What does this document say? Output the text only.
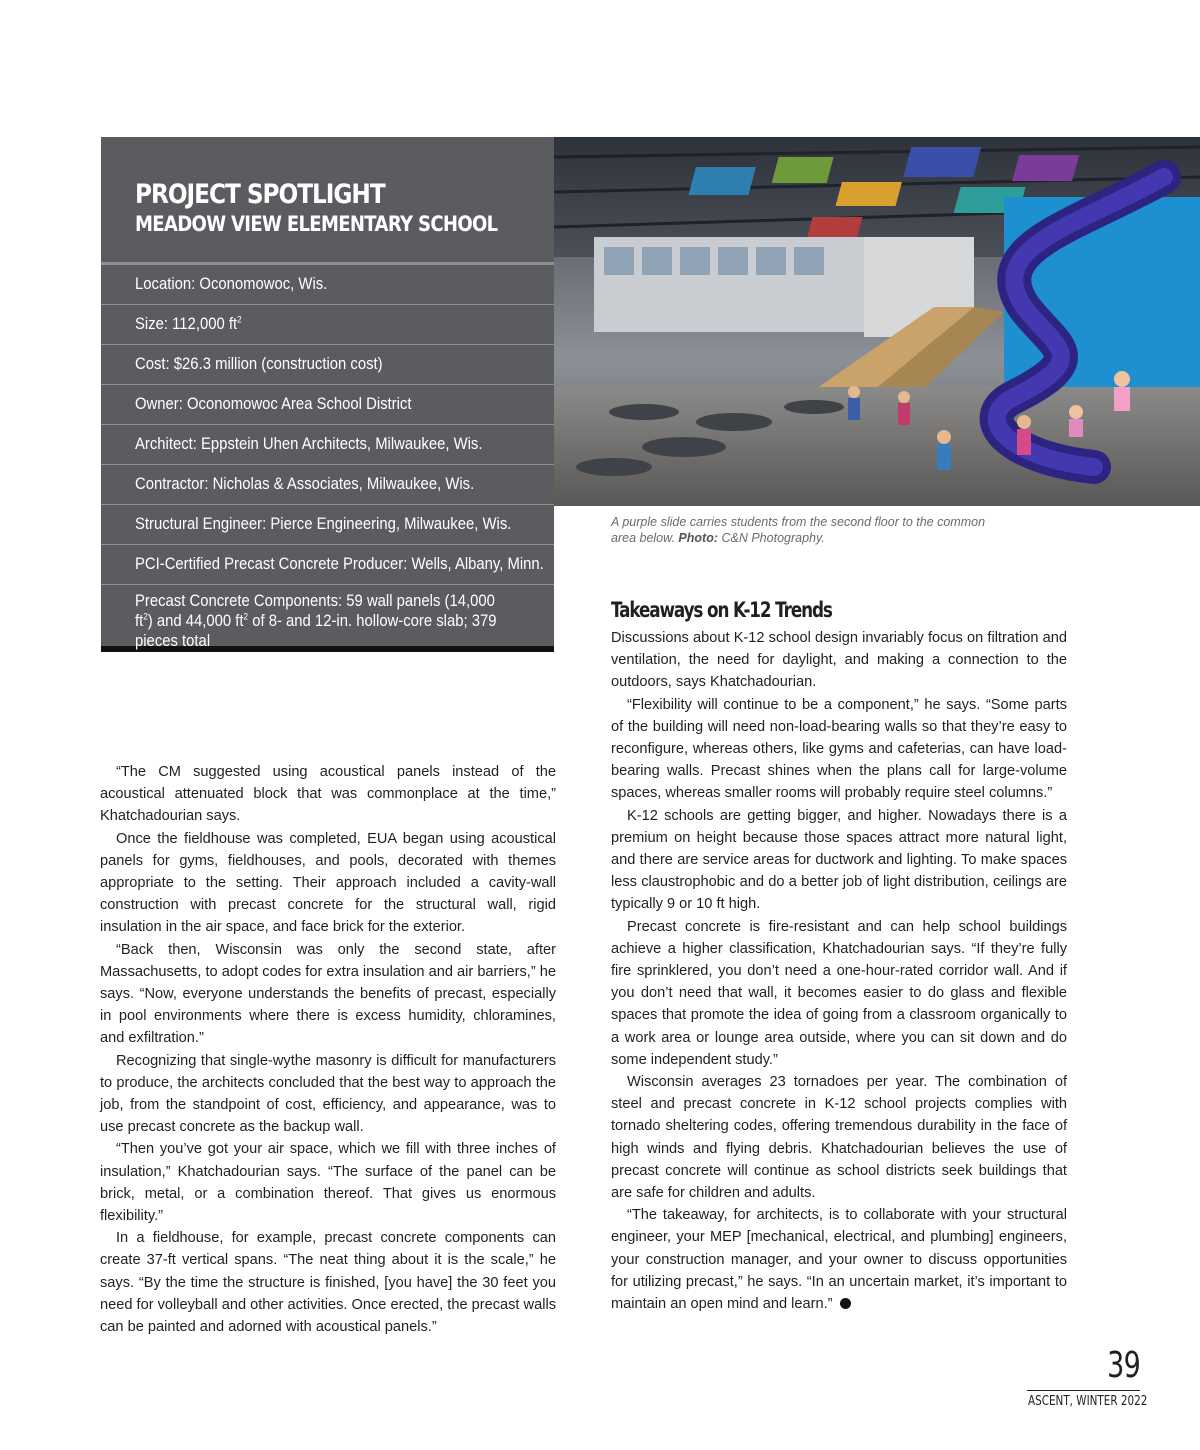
PROJECT SPOTLIGHT
MEADOW VIEW ELEMENTARY SCHOOL
Location: Oconomowoc, Wis.
Size: 112,000 $ft^2$
Cost: $26.3 million (construction cost)
Owner: Oconomowoc Area School District
Architect: Eppstein Uhen Architects, Milwaukee, Wis.
Contractor: Nicholas & Associates, Milwaukee, Wis.
Structural Engineer: Pierce Engineering, Milwaukee, Wis.
PCI-Certified Precast Concrete Producer: Wells, Albany, Minn.
Precast Concrete Components: 59 wall panels (14,000 $ft^2$) and 44,000 $ft^2$ of 8- and 12-in. hollow-core slab; 379 pieces total
A purple slide carries students from the second floor to the common area below. Photo: C&N Photography.

“The CM suggested using acoustical panels instead of the acoustical attenuated block that was commonplace at the time,” Khatchadourian says.

Once the fieldhouse was completed, EUA began using acoustical panels for gyms, fieldhouses, and pools, decorated with themes appropriate to the setting. Their approach included a cavity-wall construction with precast concrete for the structural wall, rigid insulation in the air space, and face brick for the exterior.

“Back then, Wisconsin was only the second state, after Massachusetts, to adopt codes for extra insulation and air barriers,” he says. “Now, everyone understands the benefits of precast, especially in pool environments where there is excess humidity, chloramines, and exfiltration.”

Recognizing that single-wythe masonry is difficult for manufacturers to produce, the architects concluded that the best way to approach the job, from the standpoint of cost, efficiency, and appearance, was to use precast concrete as the backup wall.

“Then you’ve got your air space, which we fill with three inches of insulation,” Khatchadourian says. “The surface of the panel can be brick, metal, or a combination thereof. That gives us enormous flexibility.”

In a fieldhouse, for example, precast concrete components can create 37-ft vertical spans. “The neat thing about it is the scale,” he says. “By the time the structure is finished, [you have] the 30 feet you need for volleyball and other activities. Once erected, the precast walls can be painted and adorned with acoustical panels.”

Takeaways on K-12 Trends

Discussions about K-12 school design invariably focus on filtration and ventilation, the need for daylight, and making a connection to the outdoors, says Khatchadourian.

“Flexibility will continue to be a component,” he says. “Some parts of the building will need non-load-bearing walls so that they’re easy to reconfigure, whereas others, like gyms and cafeterias, can have load-bearing walls. Precast shines when the plans call for large-volume spaces, whereas smaller rooms will probably require steel columns.”

K-12 schools are getting bigger, and higher. Nowadays there is a premium on height because those spaces attract more natural light, and there are service areas for ductwork and lighting. To make spaces less claustrophobic and do a better job of light distribution, ceilings are typically 9 or 10 ft high.

Precast concrete is fire-resistant and can help school buildings achieve a higher classification, Khatchadourian says. “If they’re fully fire sprinklered, you don’t need a one-hour-rated corridor wall. And if you don’t need that wall, it becomes easier to do glass and flexible spaces that promote the idea of going from a classroom organically to a work area or lounge area outside, where you can sit down and do some independent study.”

Wisconsin averages 23 tornadoes per year. The combination of steel and precast concrete in K-12 school projects complies with tornado sheltering codes, offering tremendous durability in the face of high winds and flying debris. Khatchadourian believes the use of precast concrete will continue as school districts seek buildings that are safe for children and adults.

“The takeaway, for architects, is to collaborate with your structural engineer, your MEP [mechanical, electrical, and plumbing] engineers, your construction manager, and your owner to discuss opportunities for utilizing precast,” he says. “In an uncertain market, it’s important to maintain an open mind and learn.”

39
ASCENT, WINTER 2022
